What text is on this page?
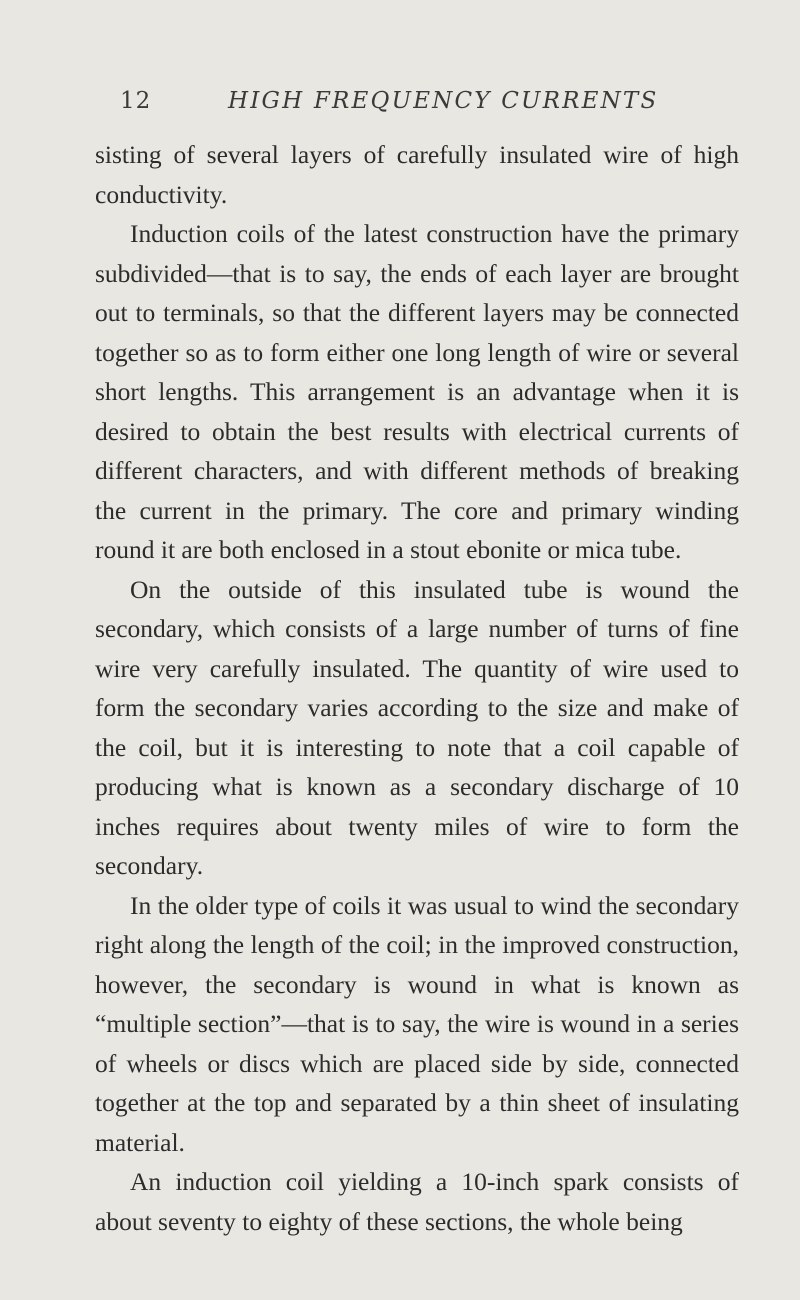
12	HIGH FREQUENCY CURRENTS

sisting of several layers of carefully insulated wire of high conductivity.

Induction coils of the latest construction have the primary subdivided—that is to say, the ends of each layer are brought out to terminals, so that the different layers may be connected together so as to form either one long length of wire or several short lengths. This arrangement is an advantage when it is desired to obtain the best results with electrical currents of different characters, and with different methods of breaking the current in the primary. The core and primary winding round it are both enclosed in a stout ebonite or mica tube.

On the outside of this insulated tube is wound the secondary, which consists of a large number of turns of fine wire very carefully insulated. The quantity of wire used to form the secondary varies according to the size and make of the coil, but it is interesting to note that a coil capable of producing what is known as a secondary discharge of 10 inches requires about twenty miles of wire to form the secondary.

In the older type of coils it was usual to wind the secondary right along the length of the coil; in the improved construction, however, the secondary is wound in what is known as “multiple section”—that is to say, the wire is wound in a series of wheels or discs which are placed side by side, connected together at the top and separated by a thin sheet of insulating material.

An induction coil yielding a 10-inch spark consists of about seventy to eighty of these sections, the whole being
